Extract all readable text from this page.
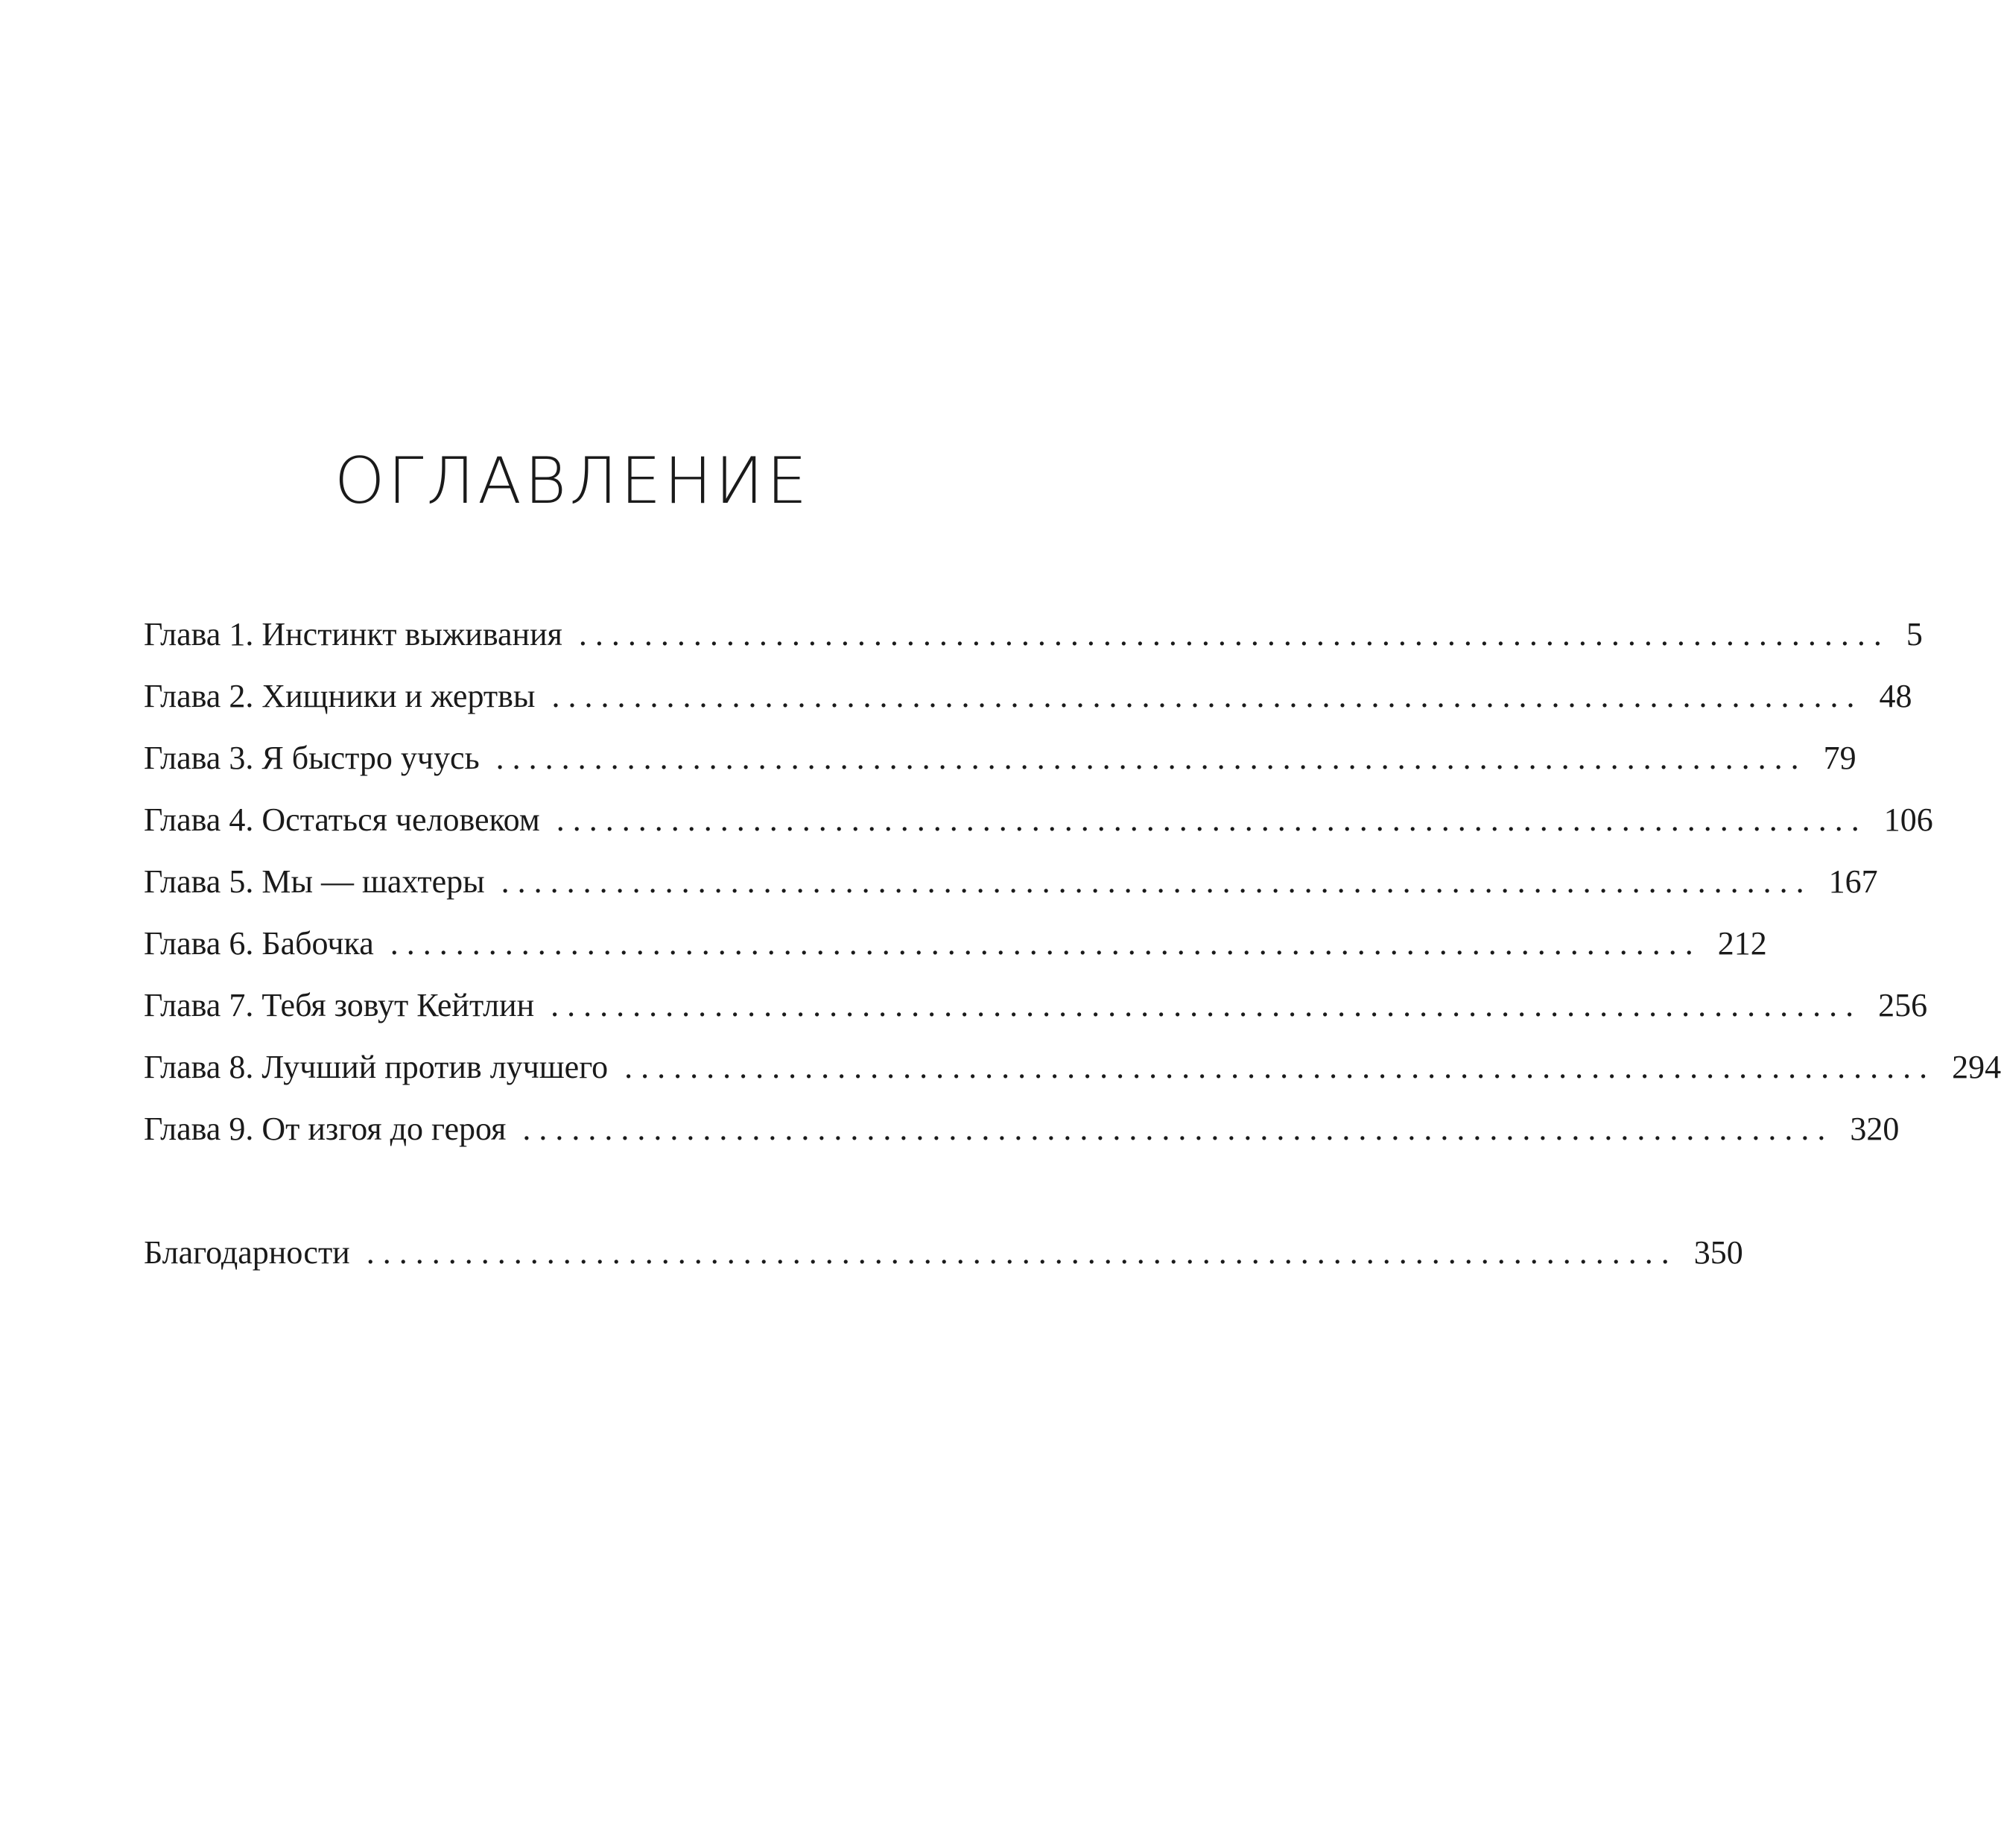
ОГЛАВЛЕНИЕ
Глава 1. Инстинкт выживания ................................................................................ 5
Глава 2. Хищники и жертвы ................................................................................ 48
Глава 3. Я быстро учусь ................................................................................ 79
Глава 4. Остаться человеком ................................................................................ 106
Глава 5. Мы — шахтеры ................................................................................ 167
Глава 6. Бабочка ................................................................................ 212
Глава 7. Тебя зовут Кейтлин ................................................................................ 256
Глава 8. Лучший против лучшего ................................................................................ 294
Глава 9. От изгоя до героя ................................................................................ 320
Благодарности ................................................................................ 350
